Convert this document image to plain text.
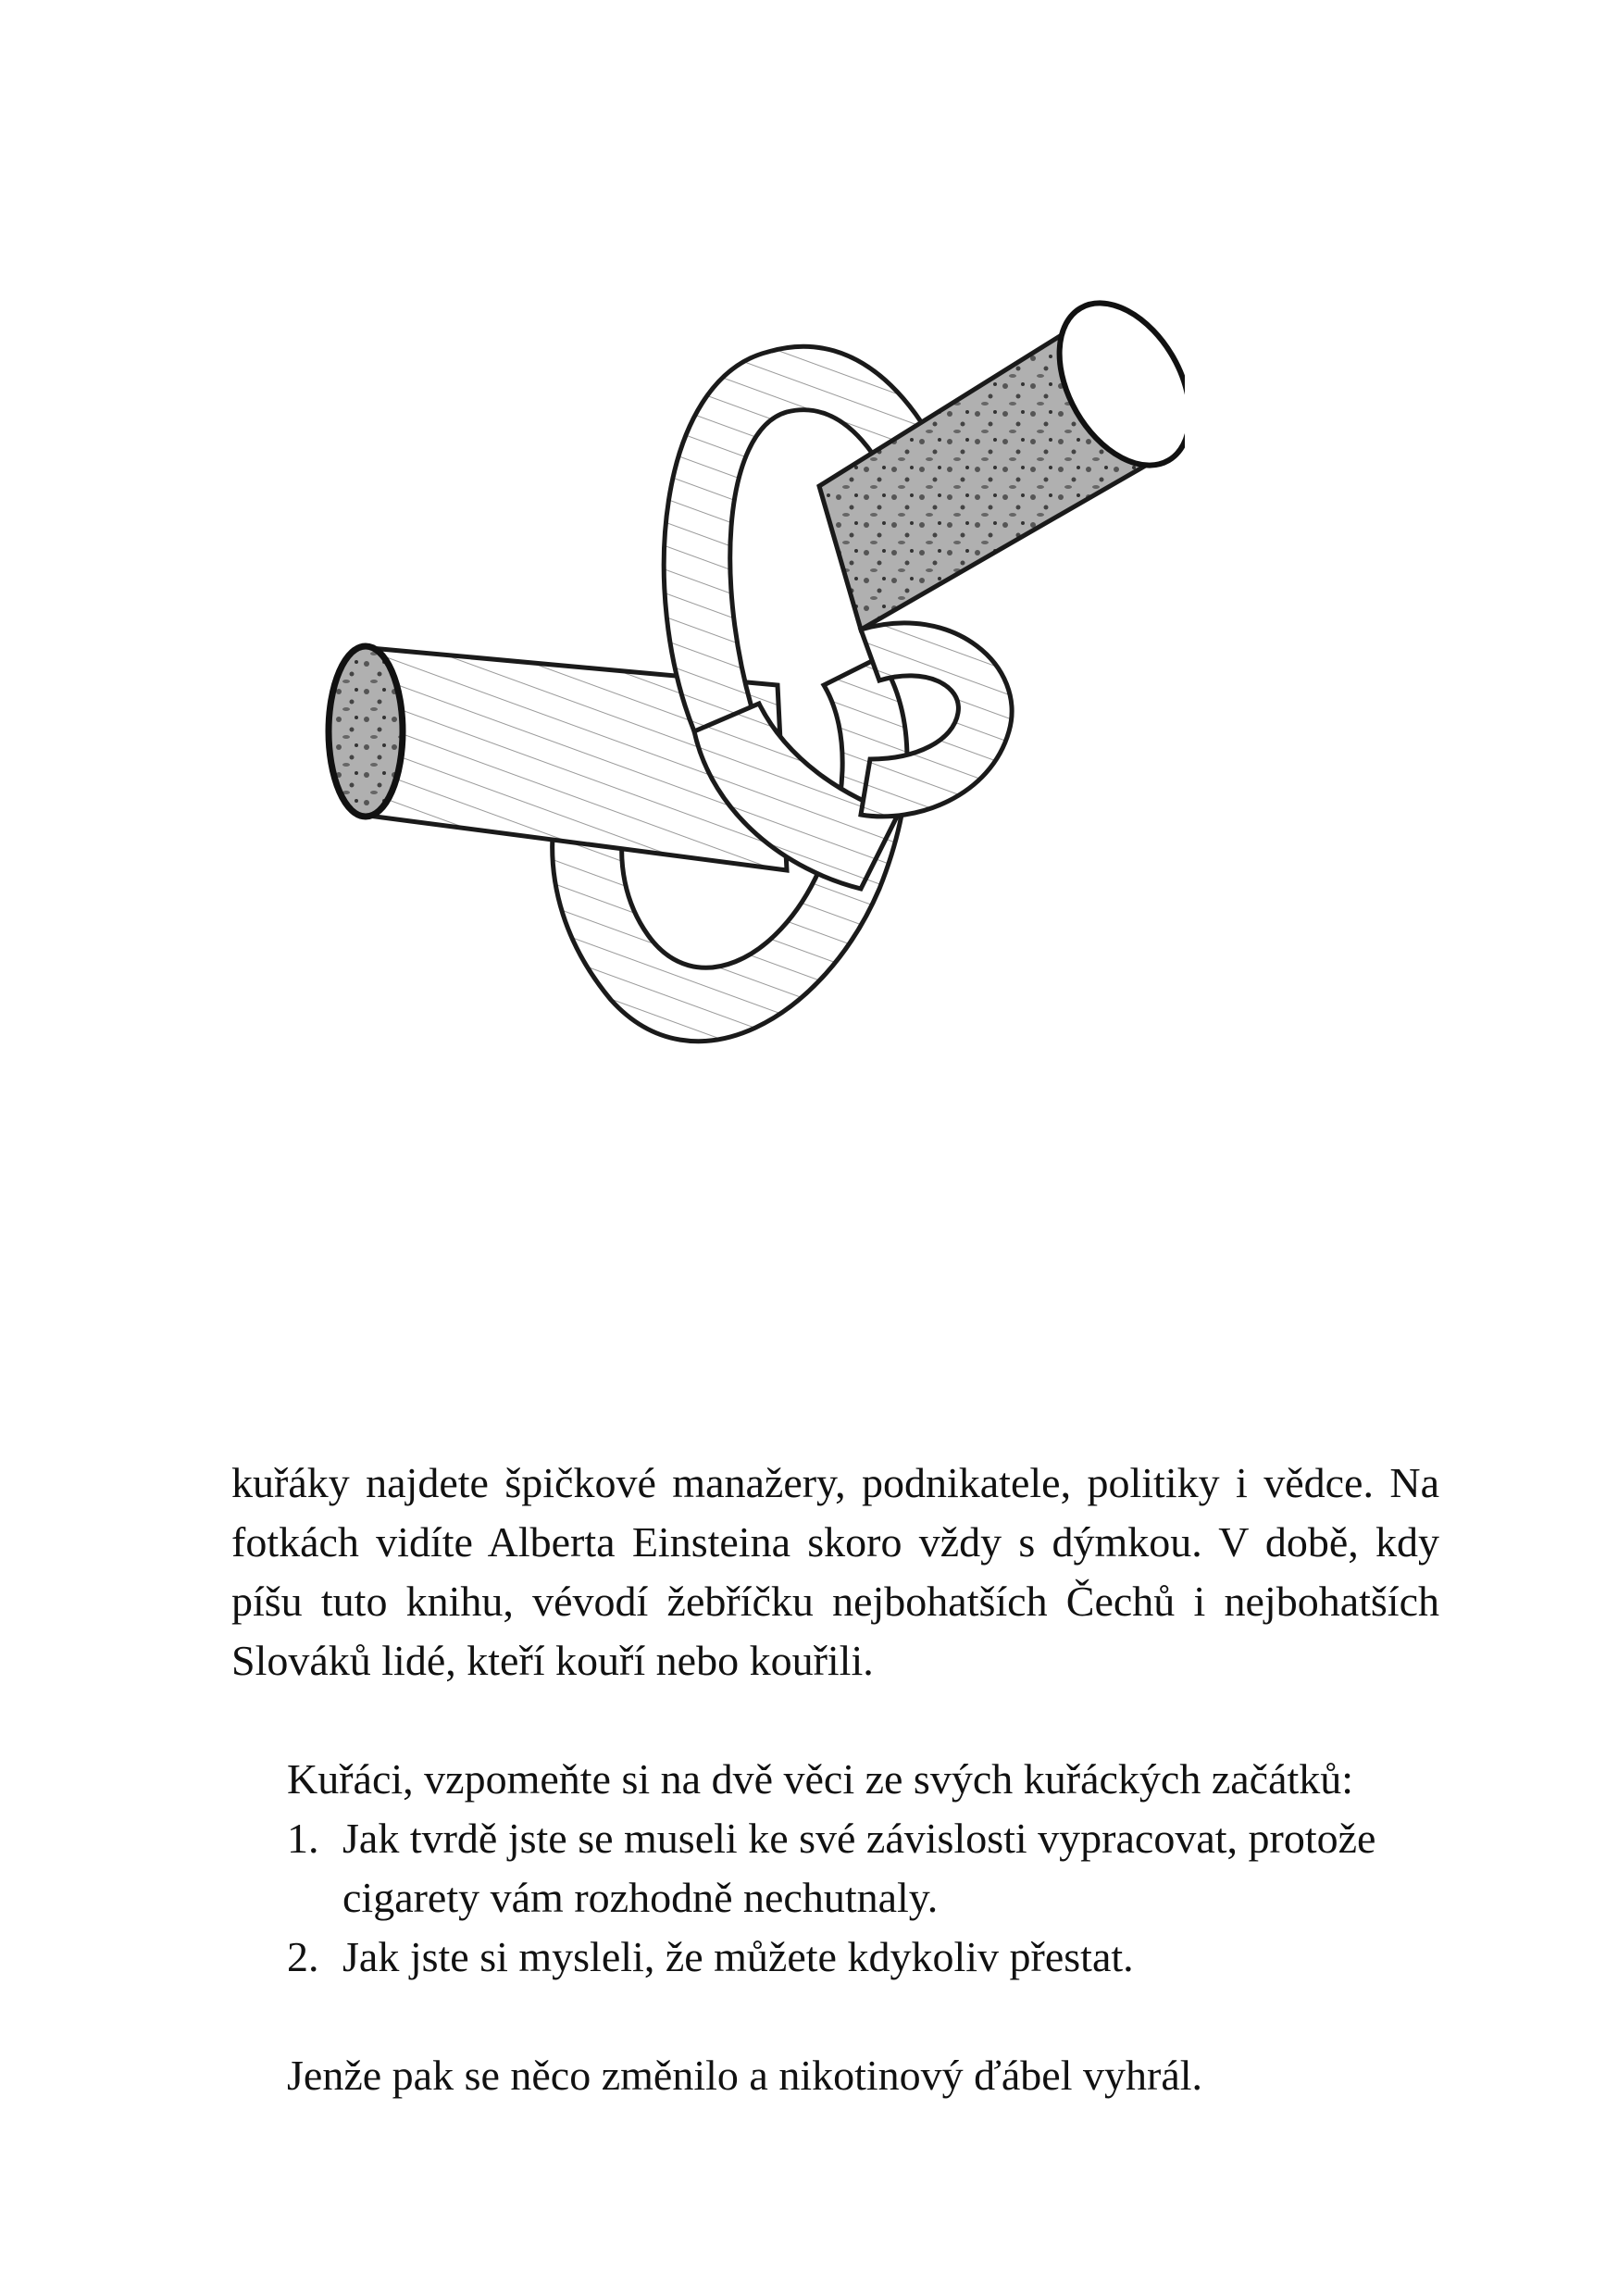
kuřáky najdete špičkové manažery, podnikatele, politiky i vědce. Na fotkách vidíte Alberta Einsteina skoro vždy s dýmkou. V době, kdy píšu tuto knihu, vévodí žebříčku nejbohatších Čechů i nejbohatších Slováků lidé, kteří kouří nebo kouřili.

Kuřáci, vzpomeňte si na dvě věci ze svých kuřáckých začátků:

1. Jak tvrdě jste se museli ke své závislosti vypracovat, protože cigarety vám rozhodně nechutnaly.
2. Jak jste si mysleli, že můžete kdykoliv přestat.

Jenže pak se něco změnilo a nikotinový ďábel vyhrál.
